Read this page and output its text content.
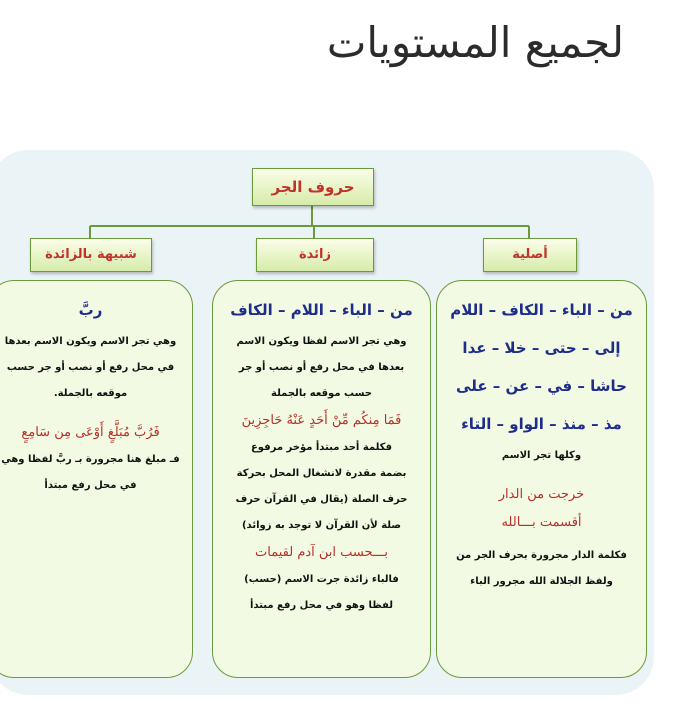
لجميع المستويات
حروف الجر
أصلية
زائدة
شبيهة بالزائدة
من – الباء – الكاف – اللام
إلى – حتى – خلا – عدا
حاشا – في – عن – على
مذ – منذ – الواو – التاء
وكلها تجر الاسم
خرجت من الدار
أقسمت بـــالله
فكلمة الدار مجرورة بحرف الجر من
ولفظ الجلالة الله مجرور الباء
من – الباء – اللام – الكاف
وهي تجر الاسم لفظا ويكون الاسم
بعدها في محل رفع أو نصب أو جر
حسب موقعه بالجملة
فَمَا مِنكُم مِّنْ أَحَدٍ عَنْهُ حَاجِزِينَ
فكلمة أحد مبتدأ مؤخر مرفوع
بضمة مقدرة لانشغال المحل بحركة
حرف الصلة (يقال في القرآن حرف
صلة لأن القرآن لا توجد به زوائد)
بـــحسب ابن آدم لقيمات
فالباء زائدة جرت الاسم (حسب)
لفظا وهو في محل رفع مبتدأ
ربَّ
وهي تجر الاسم ويكون الاسم بعدها
في محل رفع أو نصب أو جر حسب
موقعه بالجملة.
فَرُبَّ مُبَلَّغٍ أَوْعَى مِن سَامِعٍ
فـ مبلغ هنا مجرورة بـ ربَّ لفظا وهي
في محل رفع مبتدأ
